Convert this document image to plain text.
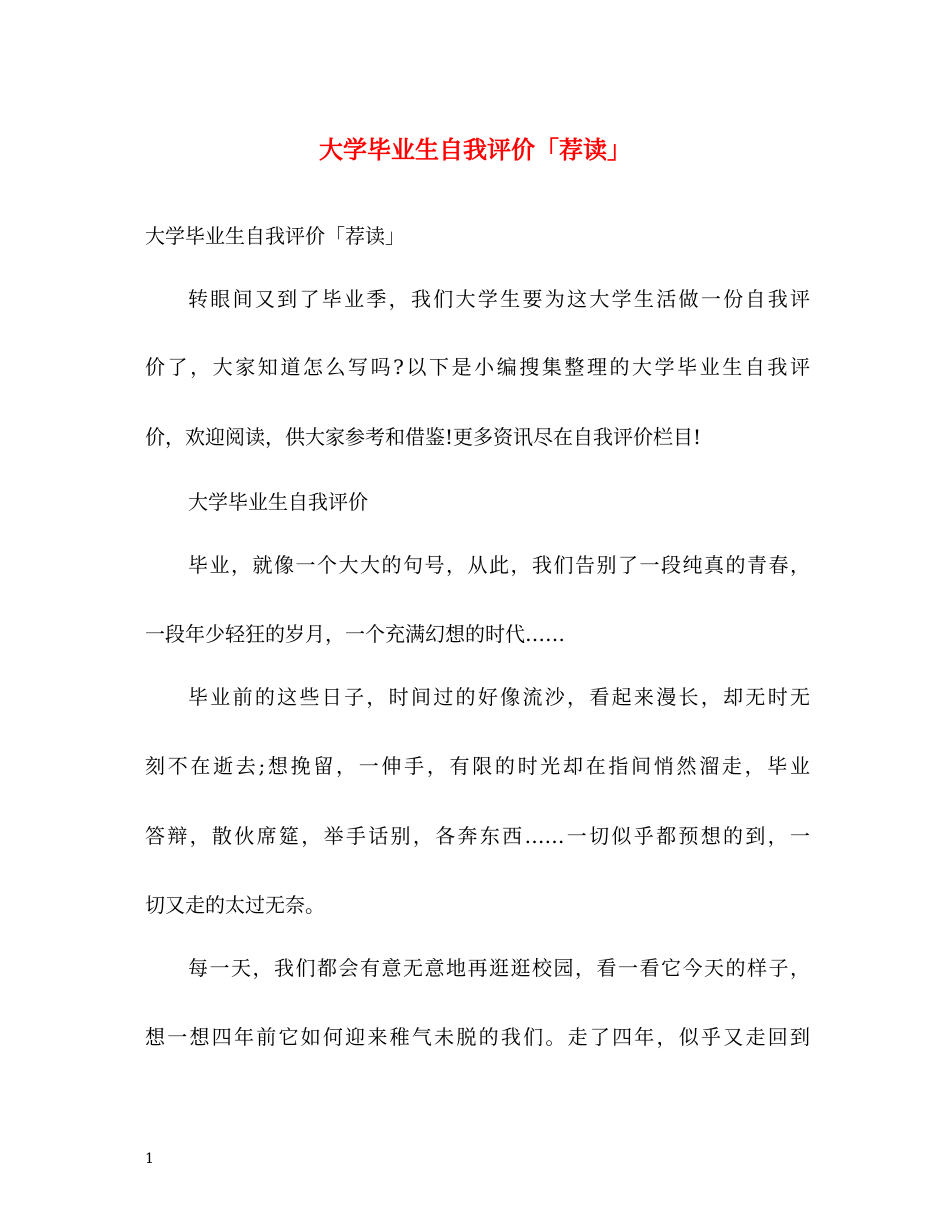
大学毕业生自我评价「荐读」
大学毕业生自我评价「荐读」
转眼间又到了毕业季，我们大学生要为这大学生活做一份自我评
价了，大家知道怎么写吗?以下是小编搜集整理的大学毕业生自我评
价，欢迎阅读，供大家参考和借鉴!更多资讯尽在自我评价栏目!
大学毕业生自我评价
毕业，就像一个大大的句号，从此，我们告别了一段纯真的青春，
一段年少轻狂的岁月，一个充满幻想的时代……
毕业前的这些日子，时间过的好像流沙，看起来漫长，却无时无
刻不在逝去;想挽留，一伸手，有限的时光却在指间悄然溜走，毕业
答辩，散伙席筵，举手话别，各奔东西……一切似乎都预想的到，一
切又走的太过无奈。
每一天，我们都会有意无意地再逛逛校园，看一看它今天的样子，
想一想四年前它如何迎来稚气未脱的我们。走了四年，似乎又走回到
1
